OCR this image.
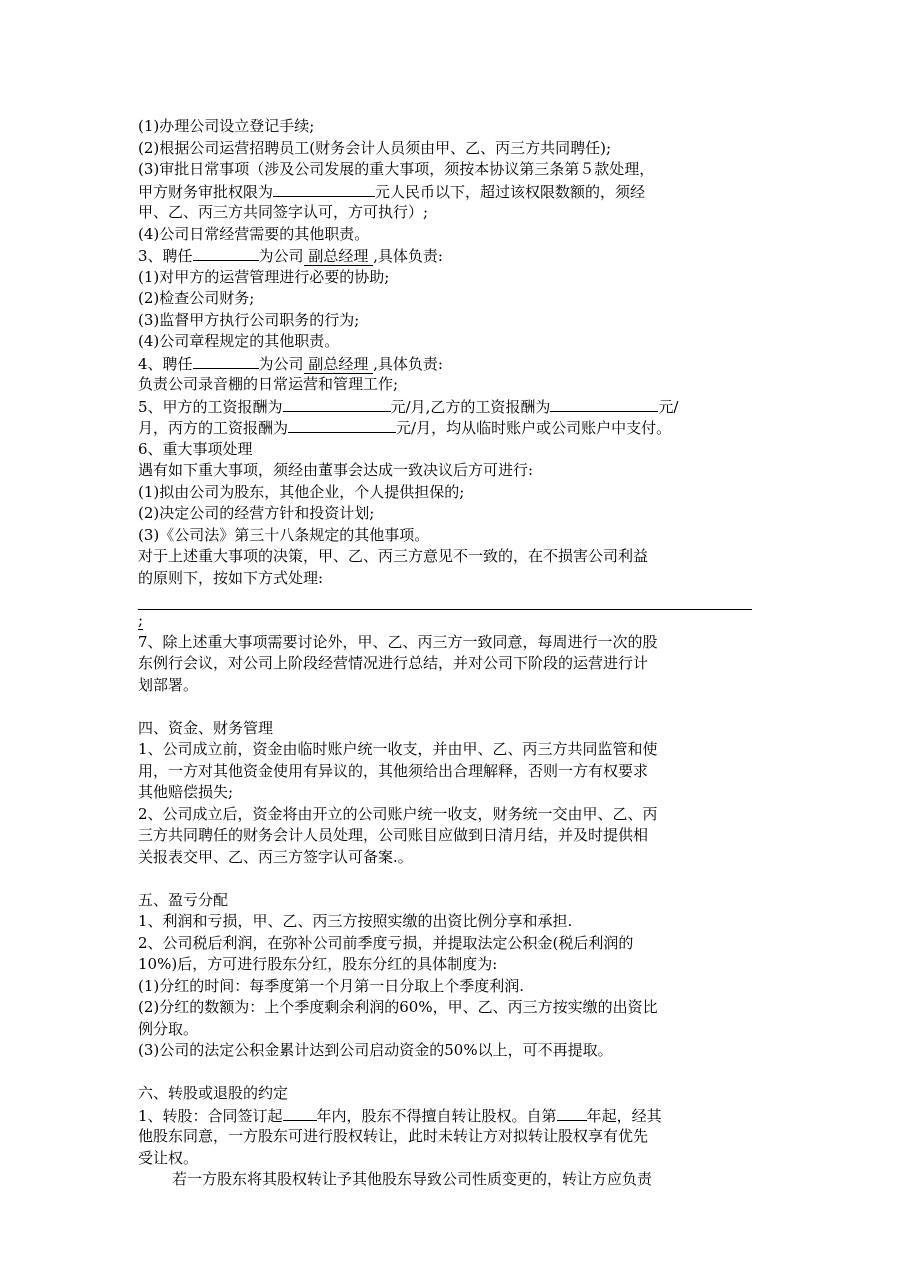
(1)办理公司设立登记手续;
(2)根据公司运营招聘员工(财务会计人员须由甲、乙、丙三方共同聘任);
(3)审批日常事项（涉及公司发展的重大事项，须按本协议第三条第５款处理，
甲方财务审批权限为	元人民币以下，超过该权限数额的，须经
甲、乙、丙三方共同签字认可，方可执行）;
(4)公司日常经营需要的其他职责。
3、聘任	为公司 副总经理 ,具体负责:
(1)对甲方的运营管理进行必要的协助;
(2)检查公司财务;
(3)监督甲方执行公司职务的行为;
(4)公司章程规定的其他职责。
4、聘任	为公司 副总经理 ,具体负责:
负责公司录音棚的日常运营和管理工作;
5、甲方的工资报酬为	元/月,乙方的工资报酬为	元/
月，丙方的工资报酬为	元/月，均从临时账户或公司账户中支付。
6、重大事项处理
遇有如下重大事项，须经由董事会达成一致决议后方可进行:
(1)拟由公司为股东，其他企业，个人提供担保的;
(2)决定公司的经营方针和投资计划;
(3)《公司法》第三十八条规定的其他事项。
对于上述重大事项的决策，甲、乙、丙三方意见不一致的，在不损害公司利益
的原则下，按如下方式处理:
;
7、除上述重大事项需要讨论外，甲、乙、丙三方一致同意，每周进行一次的股
东例行会议，对公司上阶段经营情况进行总结，并对公司下阶段的运营进行计
划部署。
四、资金、财务管理
1、公司成立前，资金由临时账户统一收支，并由甲、乙、丙三方共同监管和使
用，一方对其他资金使用有异议的，其他须给出合理解释，否则一方有权要求
其他赔偿损失;
2、公司成立后，资金将由开立的公司账户统一收支，财务统一交由甲、乙、丙
三方共同聘任的财务会计人员处理，公司账目应做到日清月结，并及时提供相
关报表交甲、乙、丙三方签字认可备案.。
五、盈亏分配
1、利润和亏损，甲、乙、丙三方按照实缴的出资比例分享和承担.
2、公司税后利润，在弥补公司前季度亏损，并提取法定公积金(税后利润的
10%)后，方可进行股东分红，股东分红的具体制度为:
(1)分红的时间：每季度第一个月第一日分取上个季度利润.
(2)分红的数额为：上个季度剩余利润的60%，甲、乙、丙三方按实缴的出资比
例分取。
(3)公司的法定公积金累计达到公司启动资金的50%以上，可不再提取。
六、转股或退股的约定
1、转股：合同签订起 年内，股东不得擅自转让股权。自第 年起，经其
他股东同意，一方股东可进行股权转让，此时未转让方对拟转让股权享有优先
受让权。
若一方股东将其股权转让予其他股东导致公司性质变更的，转让方应负责
